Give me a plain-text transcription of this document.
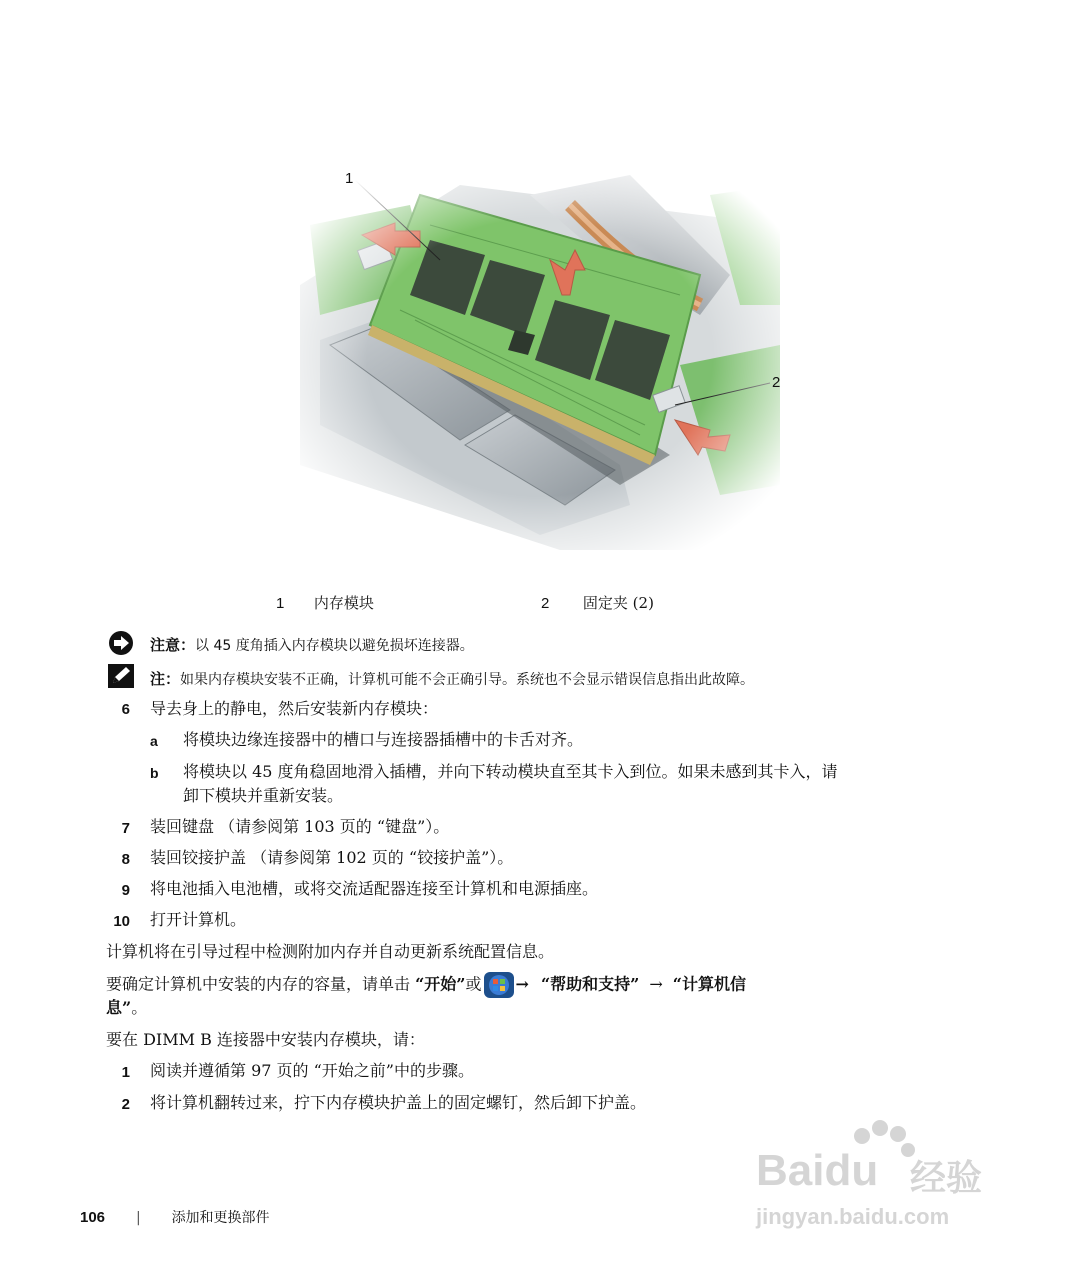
1
2
1 内存模块	2 固定夹 (2)
注意：以 45 度角插入内存模块以避免损坏连接器。
注：如果内存模块安装不正确，计算机可能不会正确引导。系统也不会显示错误信息指出此故障。
6 导去身上的静电，然后安装新内存模块：
a 将模块边缘连接器中的槽口与连接器插槽中的卡舌对齐。
b 将模块以 45 度角稳固地滑入插槽，并向下转动模块直至其卡入到位。如果未感到其卡入，请
卸下模块并重新安装。
7 装回键盘 （请参阅第 103 页的 “键盘”）。
8 装回铰接护盖 （请参阅第 102 页的 “铰接护盖”）。
9 将电池插入电池槽，或将交流适配器连接至计算机和电源插座。
10 打开计算机。
计算机将在引导过程中检测附加内存并自动更新系统配置信息。
要确定计算机中安装的内存的容量，请单击 “开始”或 → “帮助和支持” → “计算机信
息”。
要在 DIMM B 连接器中安装内存模块，请：
1 阅读并遵循第 97 页的 “开始之前”中的步骤。
2 将计算机翻转过来，拧下内存模块护盖上的固定螺钉，然后卸下护盖。
106 | 添加和更换部件
Baidu 经验
jingyan.baidu.com
